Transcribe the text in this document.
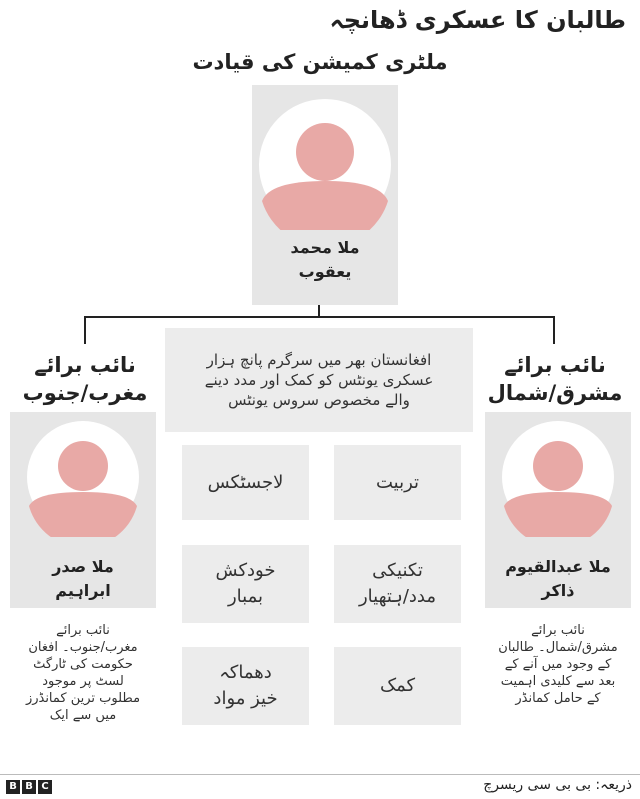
طالبان کا عسکری ڈھانچہ
ملٹری کمیشن کی قیادت
ملا محمد
یعقوب
نائب برائے
مغرب/جنوب
ملا صدر
ابراہیم
نائب برائے
مغرب/جنوب۔ افغان
حکومت کی ٹارگٹ
لسٹ پر موجود
مطلوب ترین کمانڈرز
میں سے ایک
نائب برائے
مشرق/شمال
ملا عبدالقیوم
ذاکر
نائب برائے
مشرق/شمال۔ طالبان
کے وجود میں آنے کے
بعد سے کلیدی اہمیت
کے حامل کمانڈر
افغانستان بھر میں سرگرم پانچ ہزار
عسکری یونٹس کو کمک اور مدد دینے
والے مخصوص سروس یونٹس
تربیت
لاجسٹکس
تکنیکی
مدد/ہتھیار
خودکش
بمبار
کمک
دھماکہ
خیز مواد
B B C	ذریعہ: بی بی سی ریسرچ
